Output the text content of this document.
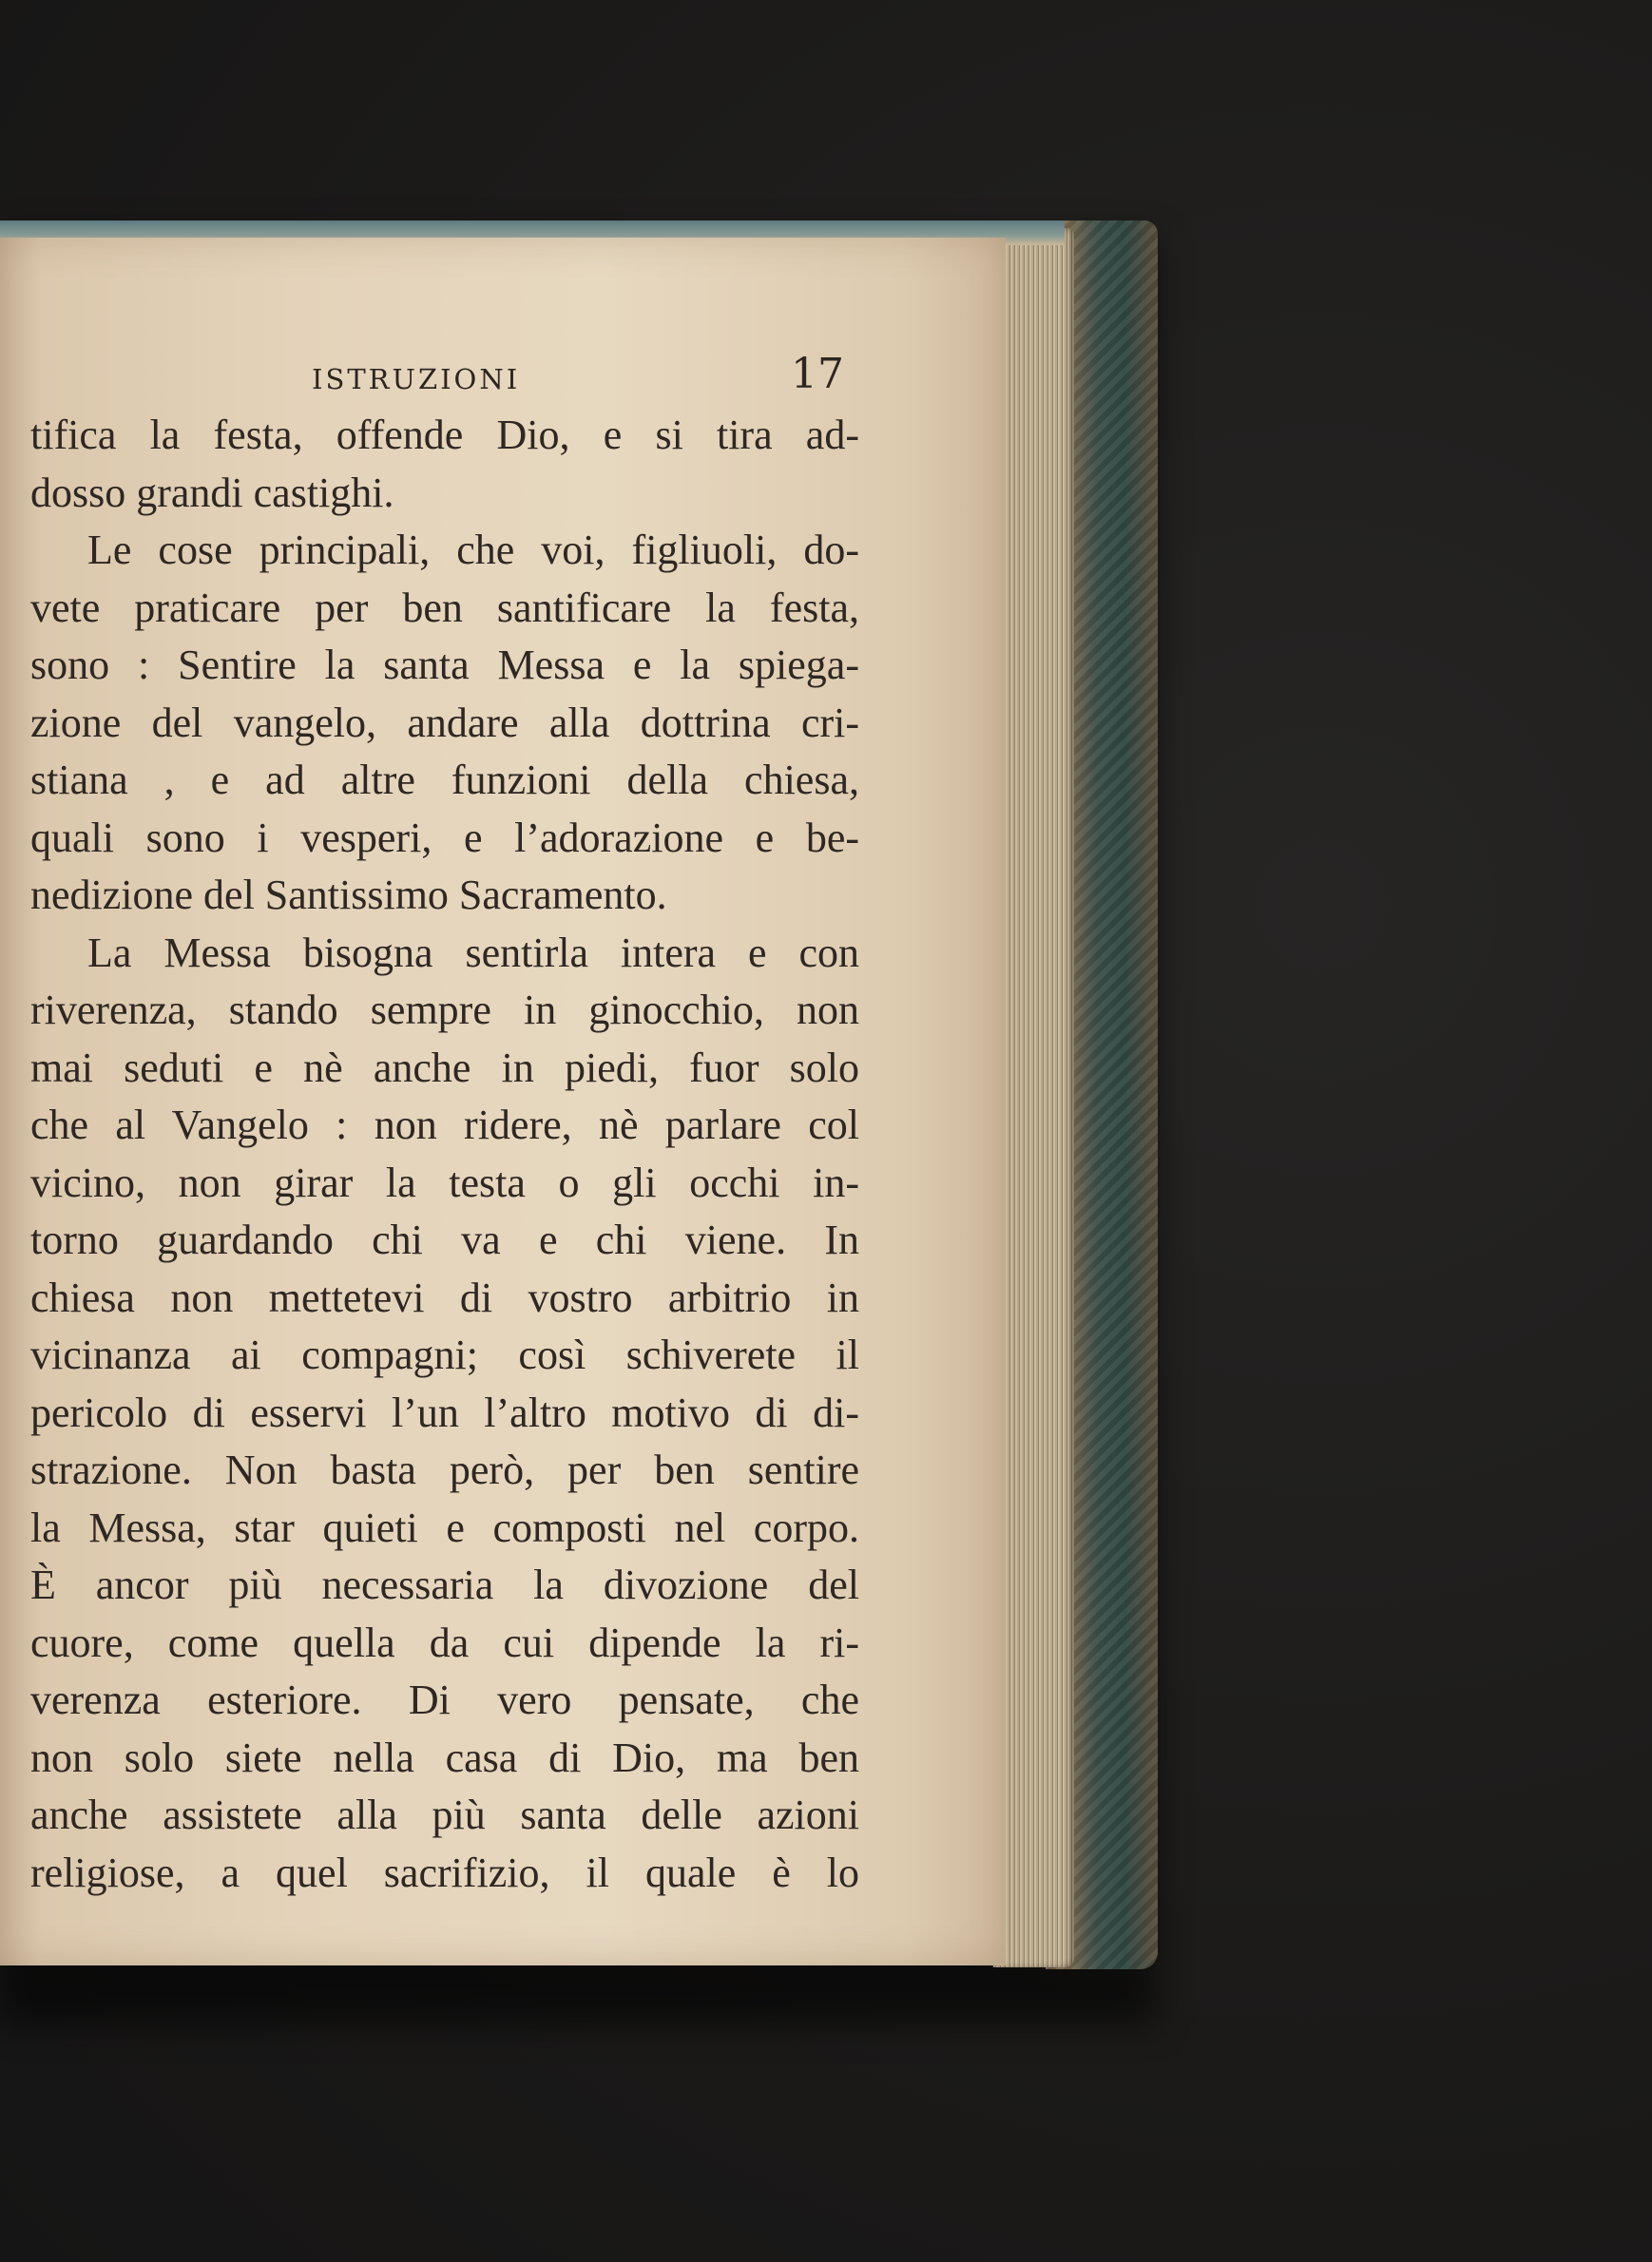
ISTRUZIONI	17
tifica la festa, offende Dio, e si tira ad-
dosso grandi castighi.
Le cose principali, che voi, figliuoli, do-
vete praticare per ben santificare la festa,
sono : Sentire la santa Messa e la spiega-
zione del vangelo, andare alla dottrina cri-
stiana , e ad altre funzioni della chiesa,
quali sono i vesperi, e l’adorazione e be-
nedizione del Santissimo Sacramento.
La Messa bisogna sentirla intera e con
riverenza, stando sempre in ginocchio, non
mai seduti e nè anche in piedi, fuor solo
che al Vangelo : non ridere, nè parlare col
vicino, non girar la testa o gli occhi in-
torno guardando chi va e chi viene. In
chiesa non mettetevi di vostro arbitrio in
vicinanza ai compagni; così schiverete il
pericolo di esservi l’un l’altro motivo di di-
strazione. Non basta però, per ben sentire
la Messa, star quieti e composti nel corpo.
È ancor più necessaria la divozione del
cuore, come quella da cui dipende la ri-
verenza esteriore. Di vero pensate, che
non solo siete nella casa di Dio, ma ben
anche assistete alla più santa delle azioni
religiose, a quel sacrifizio, il quale è lo
